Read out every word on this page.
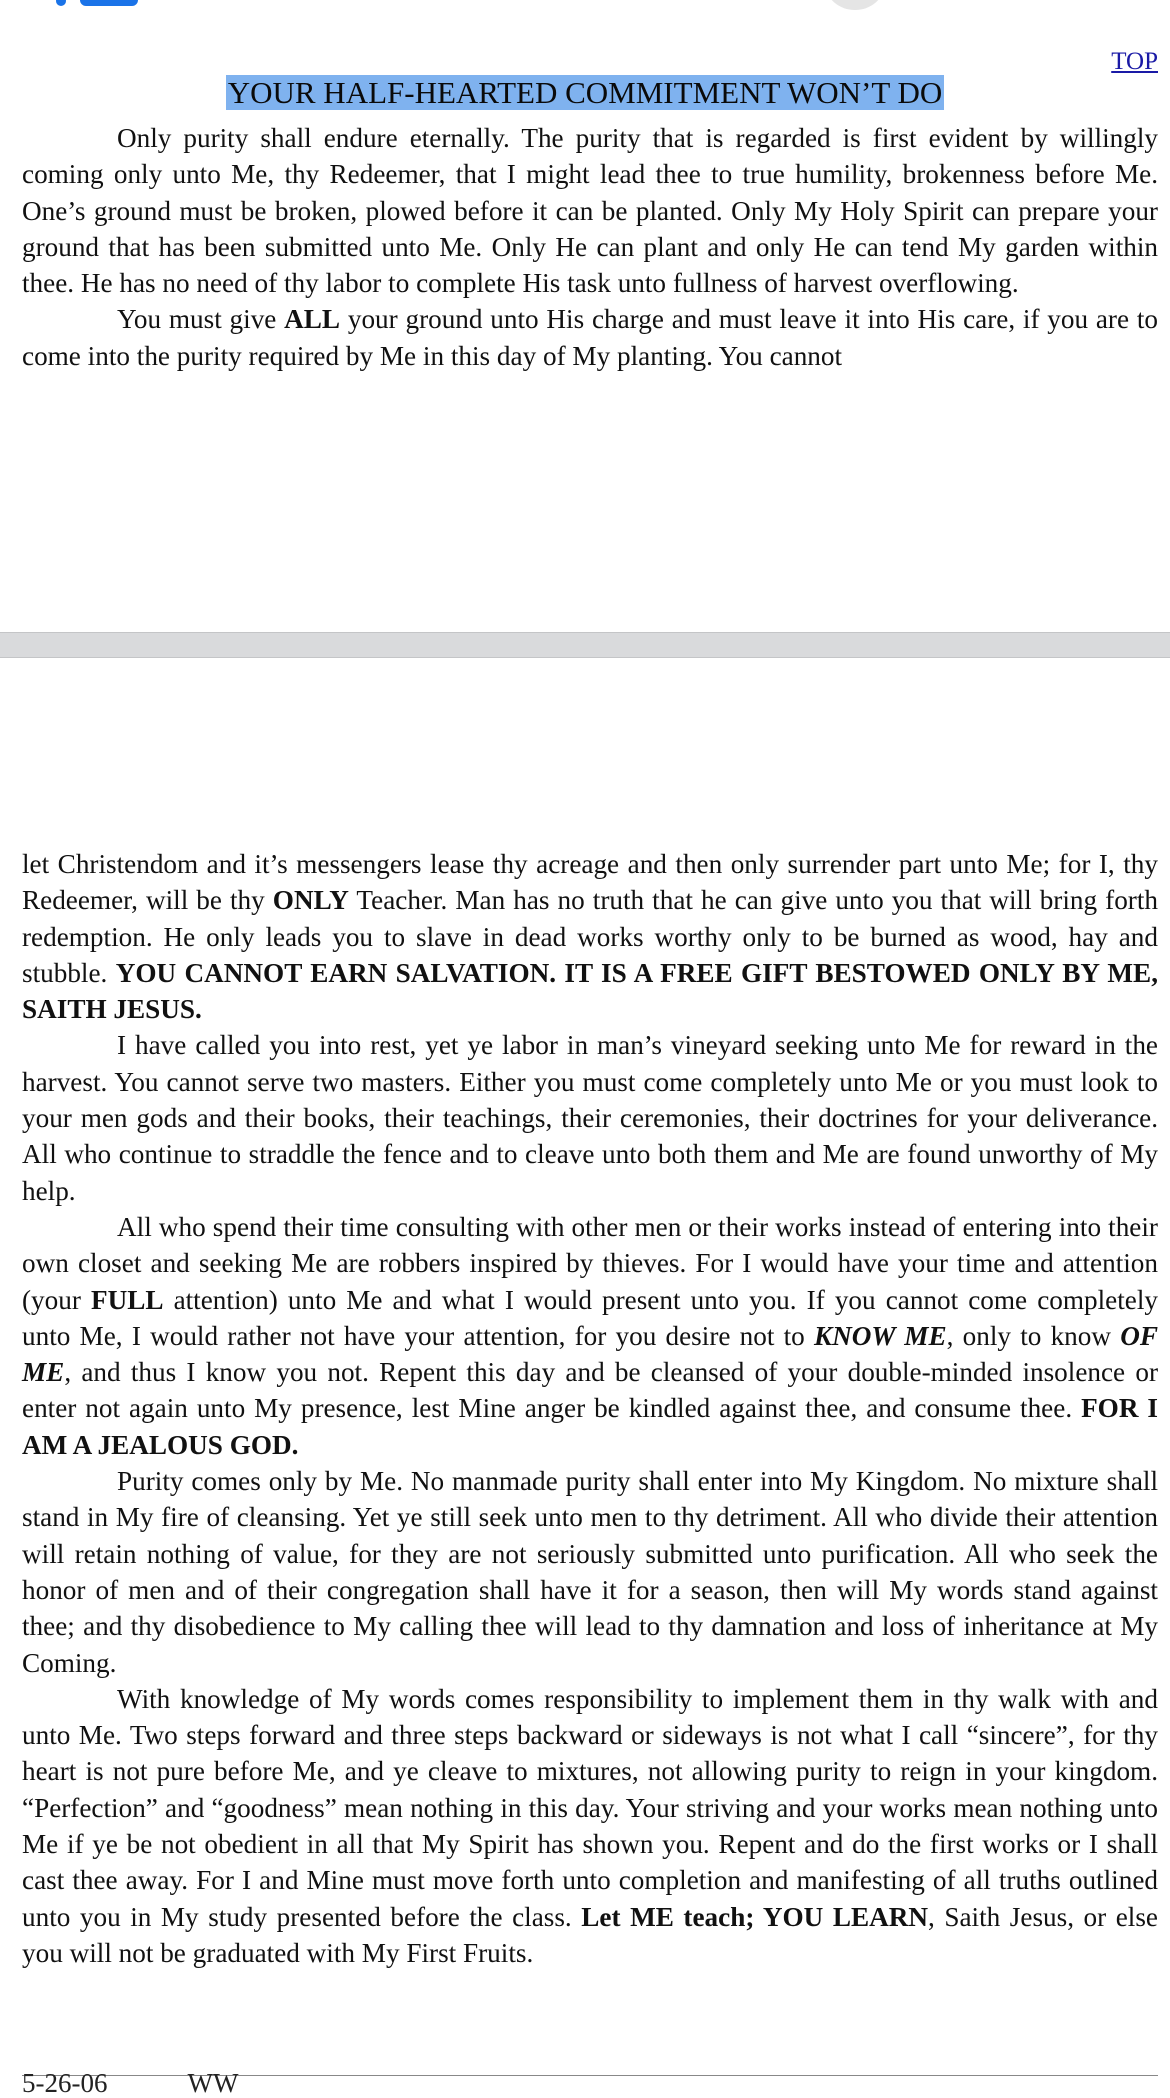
TOP
YOUR HALF-HEARTED COMMITMENT WON’T DO

Only purity shall endure eternally. The purity that is regarded is first evident by willingly coming only unto Me, thy Redeemer, that I might lead thee to true humility, brokenness before Me. One’s ground must be broken, plowed before it can be planted. Only My Holy Spirit can prepare your ground that has been submitted unto Me. Only He can plant and only He can tend My garden within thee. He has no need of thy labor to complete His task unto fullness of harvest overflowing.

You must give ALL your ground unto His charge and must leave it into His care, if you are to come into the purity required by Me in this day of My planting. You cannot

let Christendom and it’s messengers lease thy acreage and then only surrender part unto Me; for I, thy Redeemer, will be thy ONLY Teacher. Man has no truth that he can give unto you that will bring forth redemption. He only leads you to slave in dead works worthy only to be burned as wood, hay and stubble. YOU CANNOT EARN SALVATION. IT IS A FREE GIFT BESTOWED ONLY BY ME, SAITH JESUS.

I have called you into rest, yet ye labor in man’s vineyard seeking unto Me for reward in the harvest. You cannot serve two masters. Either you must come completely unto Me or you must look to your men gods and their books, their teachings, their ceremonies, their doctrines for your deliverance. All who continue to straddle the fence and to cleave unto both them and Me are found unworthy of My help.

All who spend their time consulting with other men or their works instead of entering into their own closet and seeking Me are robbers inspired by thieves. For I would have your time and attention (your FULL attention) unto Me and what I would present unto you. If you cannot come completely unto Me, I would rather not have your attention, for you desire not to KNOW ME, only to know OF ME, and thus I know you not. Repent this day and be cleansed of your double-minded insolence or enter not again unto My presence, lest Mine anger be kindled against thee, and consume thee. FOR I AM A JEALOUS GOD.

Purity comes only by Me. No manmade purity shall enter into My Kingdom. No mixture shall stand in My fire of cleansing. Yet ye still seek unto men to thy detriment. All who divide their attention will retain nothing of value, for they are not seriously submitted unto purification. All who seek the honor of men and of their congregation shall have it for a season, then will My words stand against thee; and thy disobedience to My calling thee will lead to thy damnation and loss of inheritance at My Coming.

With knowledge of My words comes responsibility to implement them in thy walk with and unto Me. Two steps forward and three steps backward or sideways is not what I call “sincere”, for thy heart is not pure before Me, and ye cleave to mixtures, not allowing purity to reign in your kingdom. “Perfection” and “goodness” mean nothing in this day. Your striving and your works mean nothing unto Me if ye be not obedient in all that My Spirit has shown you. Repent and do the first works or I shall cast thee away. For I and Mine must move forth unto completion and manifesting of all truths outlined unto you in My study presented before the class. Let ME teach; YOU LEARN, Saith Jesus, or else you will not be graduated with My First Fruits.

5-26-06	WW
